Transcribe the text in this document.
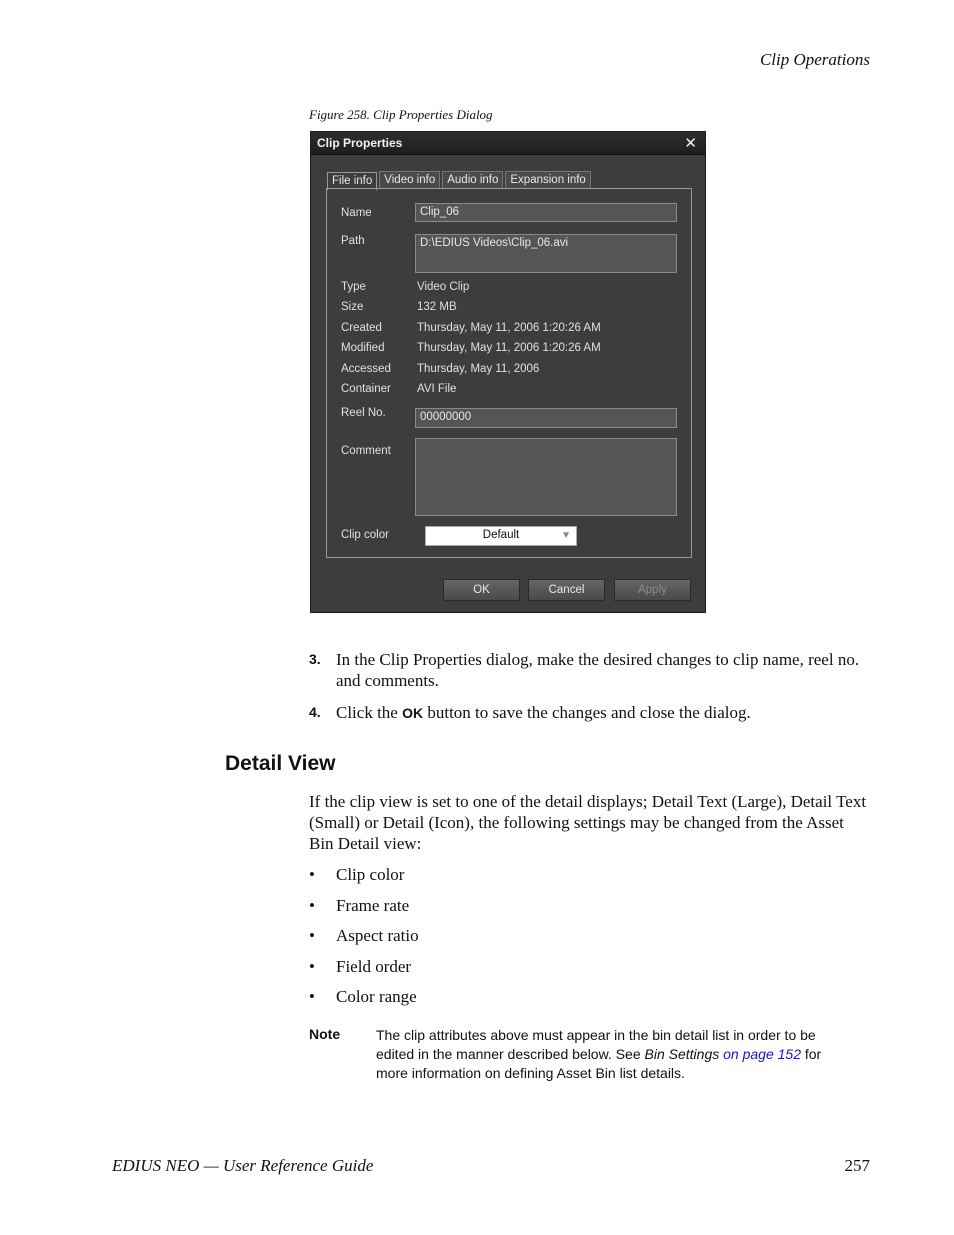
Clip Operations
Figure 258. Clip Properties Dialog
Clip Properties	✕
File info	Video info	Audio info	Expansion info
Name	Clip_06
Path	D:\EDIUS Videos\Clip_06.avi
Type	Video Clip
Size	132 MB
Created	Thursday, May 11, 2006 1:20:26 AM
Modified	Thursday, May 11, 2006 1:20:26 AM
Accessed Thursday, May 11, 2006
Container AVI File
Reel No.	00000000
Comment
Clip color	Default	▼
OK	Cancel	Apply
3. In the Clip Properties dialog, make the desired changes to clip name, reel no. and comments.
4. Click the OK button to save the changes and close the dialog.
Detail View
If the clip view is set to one of the detail displays; Detail Text (Large), Detail Text (Small) or Detail (Icon), the following settings may be changed from the Asset Bin Detail view:
• Clip color
• Frame rate
• Aspect ratio
• Field order
• Color range
Note	The clip attributes above must appear in the bin detail list in order to be edited in the manner described below. See Bin Settings on page 152 for more information on defining Asset Bin list details.
EDIUS NEO — User Reference Guide	257
